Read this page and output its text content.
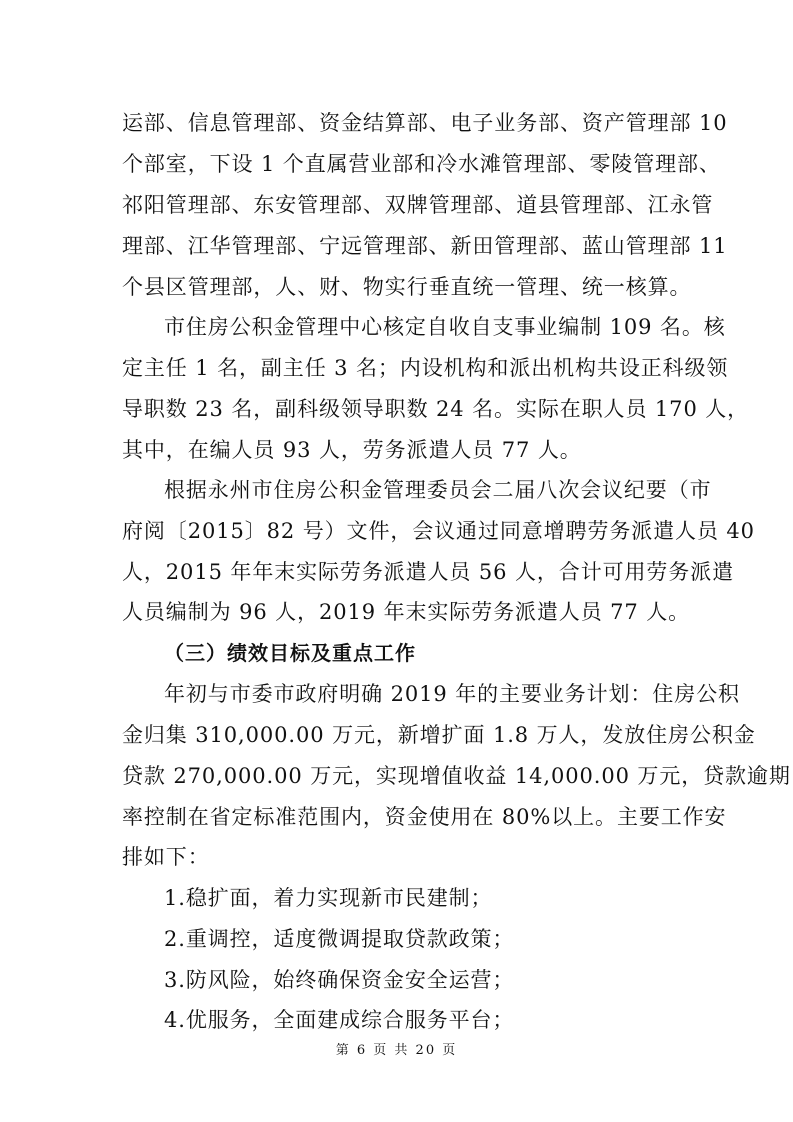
运部、信息管理部、资金结算部、电子业务部、资产管理部 10
个部室，下设 1 个直属营业部和冷水滩管理部、零陵管理部、
祁阳管理部、东安管理部、双牌管理部、道县管理部、江永管
理部、江华管理部、宁远管理部、新田管理部、蓝山管理部 11
个县区管理部，人、财、物实行垂直统一管理、统一核算。
市住房公积金管理中心核定自收自支事业编制 109 名。核
定主任 1 名，副主任 3 名；内设机构和派出机构共设正科级领
导职数 23 名，副科级领导职数 24 名。实际在职人员 170 人，
其中，在编人员 93 人，劳务派遣人员 77 人。
根据永州市住房公积金管理委员会二届八次会议纪要（市
府阅〔2015〕82 号）文件，会议通过同意增聘劳务派遣人员 40
人，2015 年年末实际劳务派遣人员 56 人，合计可用劳务派遣
人员编制为 96 人，2019 年末实际劳务派遣人员 77 人。
（三）绩效目标及重点工作
年初与市委市政府明确 2019 年的主要业务计划：住房公积
金归集 310,000.00 万元，新增扩面 1.8 万人，发放住房公积金
贷款 270,000.00 万元，实现增值收益 14,000.00 万元，贷款逾期
率控制在省定标准范围内，资金使用在 80%以上。主要工作安
排如下：
1.稳扩面，着力实现新市民建制；
2.重调控，适度微调提取贷款政策；
3.防风险，始终确保资金安全运营；
4.优服务，全面建成综合服务平台；
第 6 页 共 20 页
